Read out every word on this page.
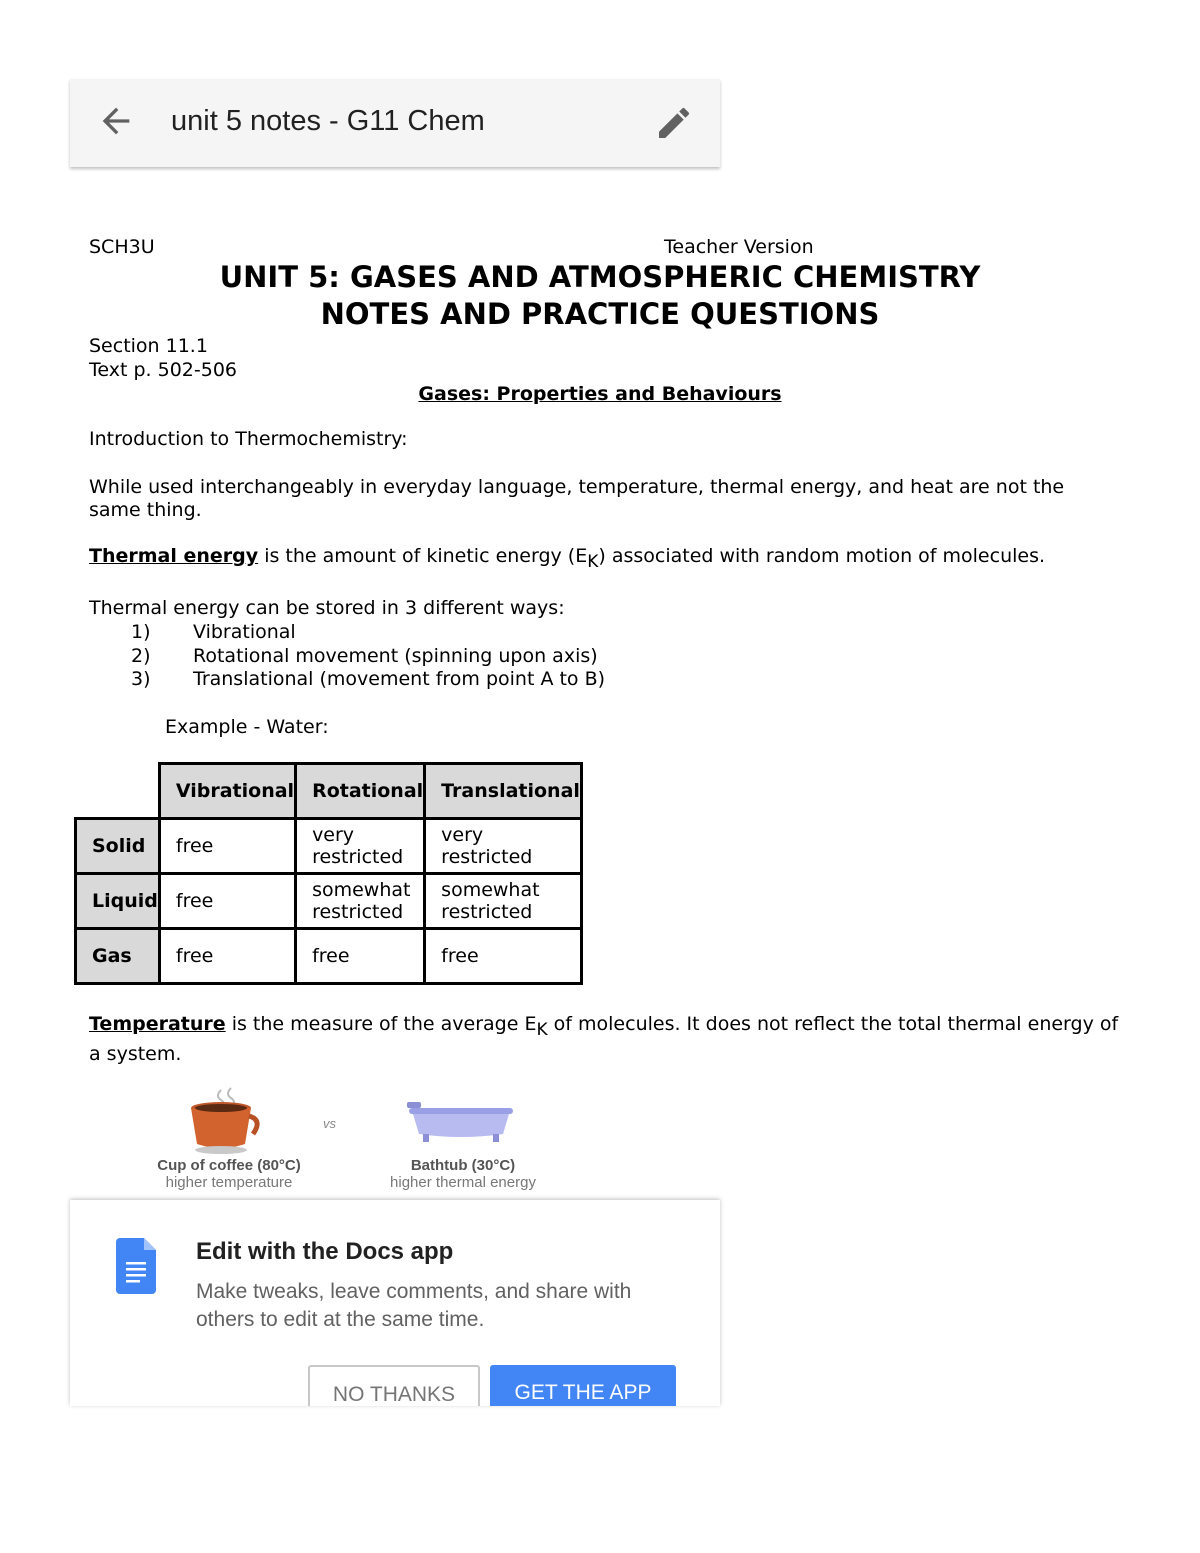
unit 5 notes - G11 Chem
SCH3U	Teacher Version
UNIT 5: GASES AND ATMOSPHERIC CHEMISTRY
NOTES AND PRACTICE QUESTIONS
Section 11.1
Text p. 502-506
Gases: Properties and Behaviours
Introduction to Thermochemistry:
While used interchangeably in everyday language, temperature, thermal energy, and heat are not the
same thing.
Thermal energy is the amount of kinetic energy $(E_K)$ associated with random motion of molecules.
Thermal energy can be stored in 3 different ways:
1) Vibrational
2) Rotational movement (spinning upon axis)
3) Translational (movement from point A to B)
Example - Water:
	Vibrational	Rotational	Translational
Solid	free	very restricted	very restricted
Liquid	free	somewhat restricted	somewhat restricted
Gas	free	free	free
Temperature is the measure of the average $E_K$ of molecules. It does not reflect the total thermal energy of
a system.
vs
Cup of coffee (80°C)
higher temperature
Bathtub (30°C)
higher thermal energy
Edit with the Docs app
Make tweaks, leave comments, and share with others to edit at the same time.
NO THANKS	GET THE APP
